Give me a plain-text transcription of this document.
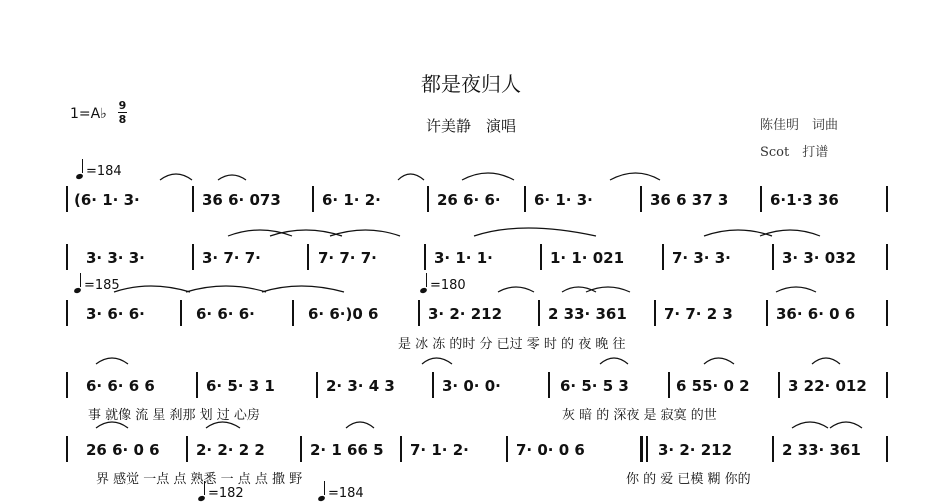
都是夜归人
许美静　演唱
1=A♭
9
8	陈佳明　词曲
Scot　打谱
=184
=185	=180
=182	=184
(6· 1· 3·	36 6· 073	6· 1· 2·	26 6· 6· 6· 1· 3·	36 6 37 3	6·1·3 36
3· 3· 3·	3· 7· 7·	7· 7· 7·	3· 1· 1·	1· 1· 021	7· 3· 3·	3· 3· 032
3· 6· 6·	6· 6· 6·	6· 6·)0 6	3· 2· 212	2 33· 361 7· 7· 2 3	36· 6· 0 6
是 冰 冻 的时 分 已过 零 时 的 夜 晚 往
6· 6· 6 6	6· 5· 3 1	2· 3· 4 3	3· 0· 0·	6· 5· 5 3	6 55· 0 2	3 22· 012
事 就像 流 星 刹那 划 过 心房	灰 暗 的 深夜 是 寂寞 的世
26 6· 0 6 2· 2· 2 2	2· 1 66 5 7· 1· 2·	7· 0· 0 6	3· 2· 212	2 33· 361
界 感觉 一点 点 熟悉 一 点 点 撒 野	你 的 爱 已模 糊 你的
